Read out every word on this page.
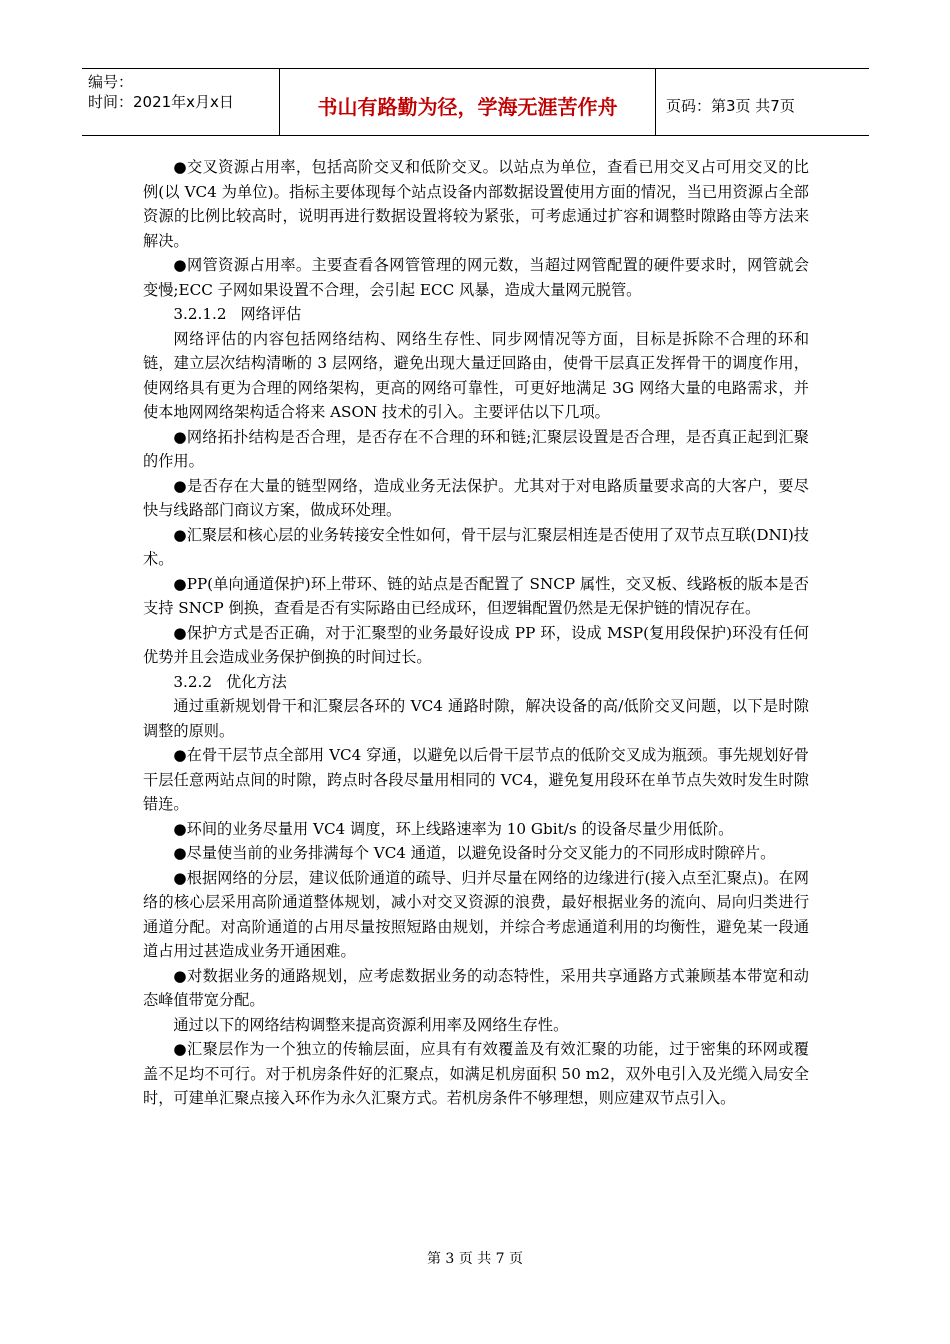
编号：
时间：2021年x月x日	书山有路勤为径，学海无涯苦作舟	页码：第3页 共7页

●交叉资源占用率，包括高阶交叉和低阶交叉。以站点为单位，查看已用交叉占可用交叉的比例(以 VC4 为单位)。指标主要体现每个站点设备内部数据设置使用方面的情况，当已用资源占全部资源的比例比较高时，说明再进行数据设置将较为紧张，可考虑通过扩容和调整时隙路由等方法来解决。

●网管资源占用率。主要查看各网管管理的网元数，当超过网管配置的硬件要求时，网管就会变慢;ECC 子网如果设置不合理，会引起 ECC 风暴，造成大量网元脱管。

3.2.1.2 网络评估

网络评估的内容包括网络结构、网络生存性、同步网情况等方面，目标是拆除不合理的环和链，建立层次结构清晰的 3 层网络，避免出现大量迂回路由，使骨干层真正发挥骨干的调度作用，使网络具有更为合理的网络架构，更高的网络可靠性，可更好地满足 3G 网络大量的电路需求，并使本地网网络架构适合将来 ASON 技术的引入。主要评估以下几项。

●网络拓扑结构是否合理，是否存在不合理的环和链;汇聚层设置是否合理，是否真正起到汇聚的作用。

●是否存在大量的链型网络，造成业务无法保护。尤其对于对电路质量要求高的大客户，要尽快与线路部门商议方案，做成环处理。

●汇聚层和核心层的业务转接安全性如何，骨干层与汇聚层相连是否使用了双节点互联(DNI)技术。

●PP(单向通道保护)环上带环、链的站点是否配置了 SNCP 属性，交叉板、线路板的版本是否支持 SNCP 倒换，查看是否有实际路由已经成环，但逻辑配置仍然是无保护链的情况存在。

●保护方式是否正确，对于汇聚型的业务最好设成 PP 环，设成 MSP(复用段保护)环没有任何优势并且会造成业务保护倒换的时间过长。

3.2.2 优化方法

通过重新规划骨干和汇聚层各环的 VC4 通路时隙，解决设备的高/低阶交叉问题，以下是时隙调整的原则。

●在骨干层节点全部用 VC4 穿通，以避免以后骨干层节点的低阶交叉成为瓶颈。事先规划好骨干层任意两站点间的时隙，跨点时各段尽量用相同的 VC4，避免复用段环在单节点失效时发生时隙错连。

●环间的业务尽量用 VC4 调度，环上线路速率为 10 Gbit/s 的设备尽量少用低阶。

●尽量使当前的业务排满每个 VC4 通道，以避免设备时分交叉能力的不同形成时隙碎片。

●根据网络的分层，建议低阶通道的疏导、归并尽量在网络的边缘进行(接入点至汇聚点)。在网络的核心层采用高阶通道整体规划，减小对交叉资源的浪费，最好根据业务的流向、局向归类进行通道分配。对高阶通道的占用尽量按照短路由规划，并综合考虑通道利用的均衡性，避免某一段通道占用过甚造成业务开通困难。

●对数据业务的通路规划，应考虑数据业务的动态特性，采用共享通路方式兼顾基本带宽和动态峰值带宽分配。

通过以下的网络结构调整来提高资源利用率及网络生存性。

●汇聚层作为一个独立的传输层面，应具有有效覆盖及有效汇聚的功能，过于密集的环网或覆盖不足均不可行。对于机房条件好的汇聚点，如满足机房面积 50 m2，双外电引入及光缆入局安全时，可建单汇聚点接入环作为永久汇聚方式。若机房条件不够理想，则应建双节点引入。

第 3 页 共 7 页
